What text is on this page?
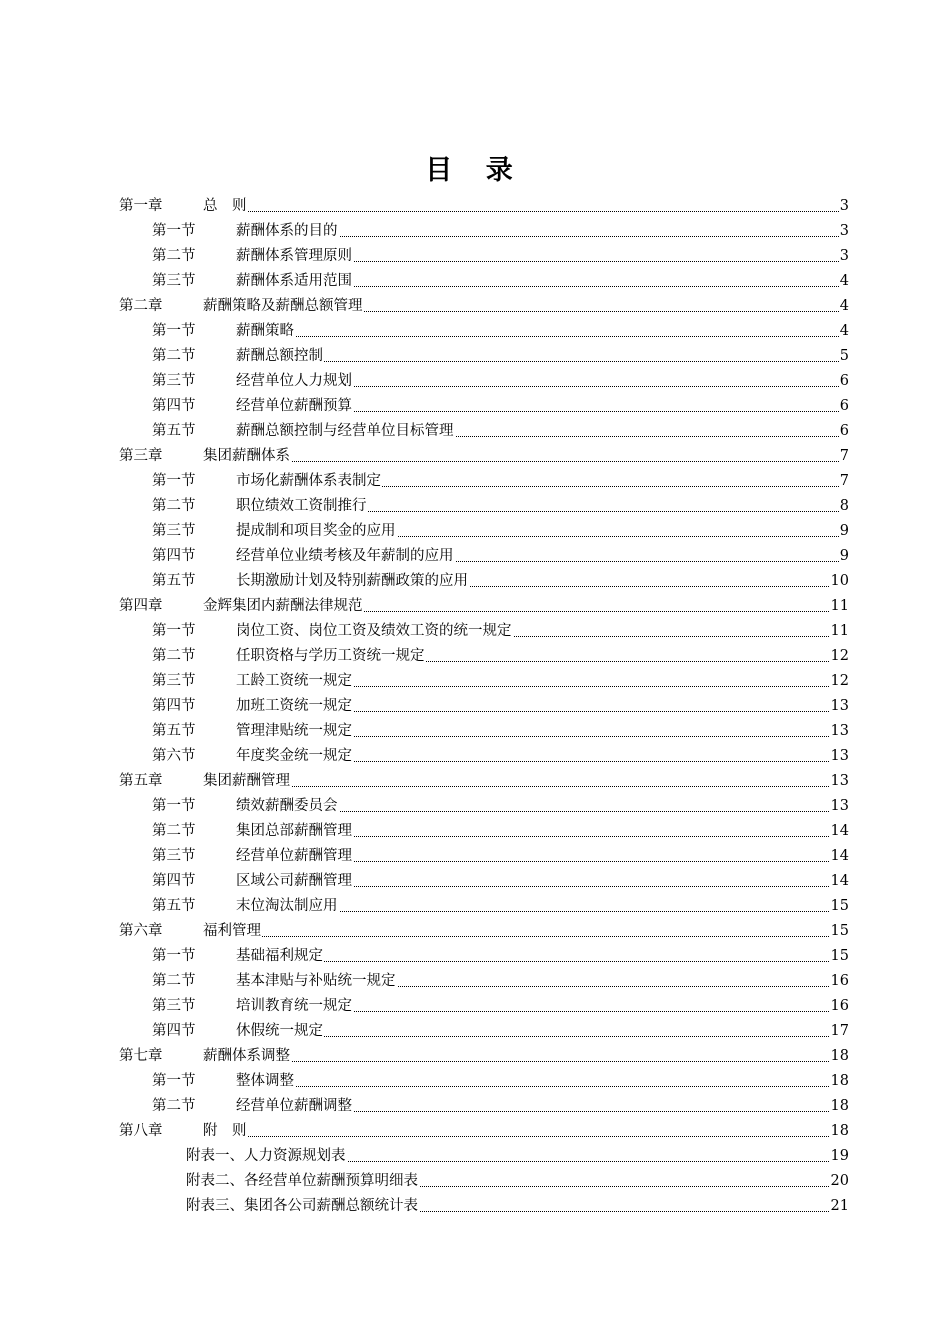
目 录
第一章	总　则	3
第一节	薪酬体系的目的	3
第二节	薪酬体系管理原则	3
第三节	薪酬体系适用范围	4
第二章	薪酬策略及薪酬总额管理	4
第一节	薪酬策略	4
第二节	薪酬总额控制	5
第三节	经营单位人力规划	6
第四节	经营单位薪酬预算	6
第五节	薪酬总额控制与经营单位目标管理	6
第三章	集团薪酬体系	7
第一节	市场化薪酬体系表制定	7
第二节	职位绩效工资制推行	8
第三节	提成制和项目奖金的应用	9
第四节	经营单位业绩考核及年薪制的应用	9
第五节	长期激励计划及特别薪酬政策的应用	10
第四章	金辉集团内薪酬法律规范	11
第一节	岗位工资、岗位工资及绩效工资的统一规定	11
第二节	任职资格与学历工资统一规定	12
第三节	工龄工资统一规定	12
第四节	加班工资统一规定	13
第五节	管理津贴统一规定	13
第六节	年度奖金统一规定	13
第五章	集团薪酬管理	13
第一节	绩效薪酬委员会	13
第二节	集团总部薪酬管理	14
第三节	经营单位薪酬管理	14
第四节	区域公司薪酬管理	14
第五节	末位淘汰制应用	15
第六章	福利管理	15
第一节	基础福利规定	15
第二节	基本津贴与补贴统一规定	16
第三节	培训教育统一规定	16
第四节	休假统一规定	17
第七章	薪酬体系调整	18
第一节	整体调整	18
第二节	经营单位薪酬调整	18
第八章	附　则	18
附表一、人力资源规划表	19
附表二、各经营单位薪酬预算明细表	20
附表三、集团各公司薪酬总额统计表	21
